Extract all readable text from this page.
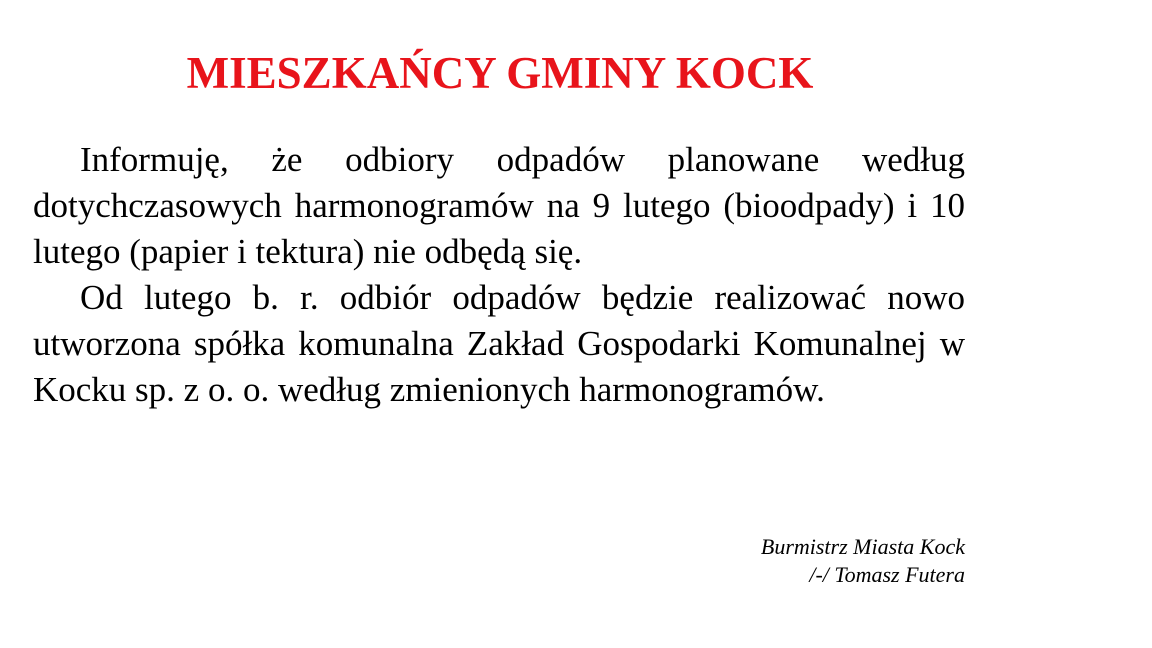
MIESZKAŃCY GMINY KOCK

Informuję, że odbiory odpadów planowane według dotychczasowych harmonogramów na 9 lutego (bioodpady) i 10 lutego (papier i tektura) nie odbędą się.

Od lutego b. r. odbiór odpadów będzie realizować nowo utworzona spółka komunalna Zakład Gospodarki Komunalnej w Kocku sp. z o. o. według zmienionych harmonogramów.

Burmistrz Miasta Kock
/-/ Tomasz Futera
